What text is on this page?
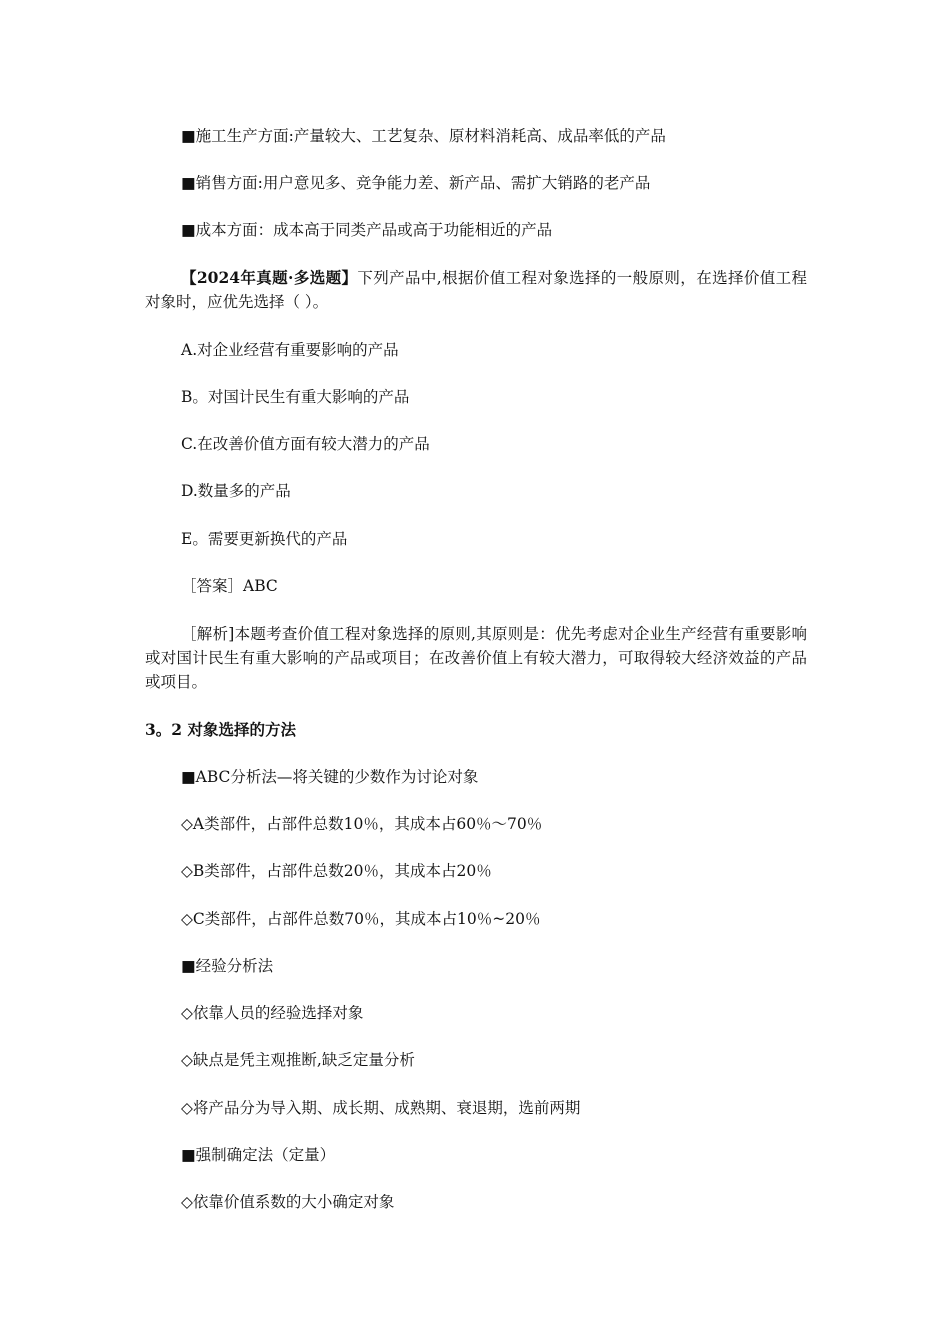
■施工生产方面:产量较大、工艺复杂、原材料消耗高、成品率低的产品
■销售方面:用户意见多、竞争能力差、新产品、需扩大销路的老产品
■成本方面：成本高于同类产品或高于功能相近的产品
【2024年真题·多选题】下列产品中,根据价值工程对象选择的一般原则，在选择价值工程对象时，应优先选择（ ）。
A.对企业经营有重要影响的产品
B。对国计民生有重大影响的产品
C.在改善价值方面有较大潜力的产品
D.数量多的产品
E。需要更新换代的产品
［答案］ABC
［解析]本题考查价值工程对象选择的原则,其原则是：优先考虑对企业生产经营有重要影响或对国计民生有重大影响的产品或项目；在改善价值上有较大潜力，可取得较大经济效益的产品或项目。
3。2 对象选择的方法
■ABC分析法—将关键的少数作为讨论对象
◇A类部件，占部件总数10％，其成本占60％～70％
◇B类部件，占部件总数20％，其成本占20％
◇C类部件，占部件总数70％，其成本占10％~20％
■经验分析法
◇依靠人员的经验选择对象
◇缺点是凭主观推断,缺乏定量分析
◇将产品分为导入期、成长期、成熟期、衰退期，选前两期
■强制确定法（定量）
◇依靠价值系数的大小确定对象
